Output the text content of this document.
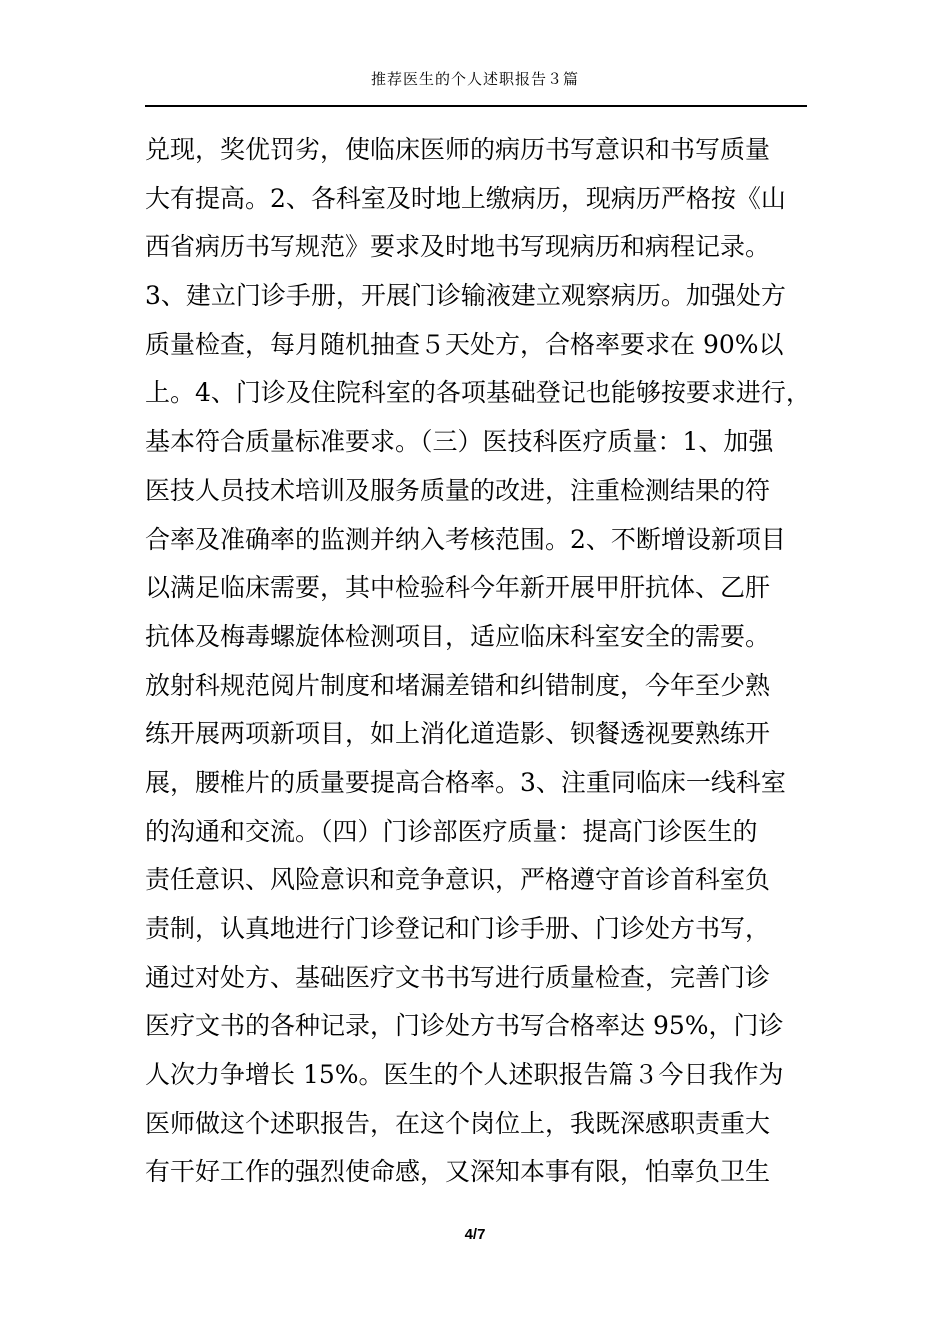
推荐医生的个人述职报告３篇
兑现，奖优罚劣，使临床医师的病历书写意识和书写质量
大有提高。2、各科室及时地上缴病历，现病历严格按《山
西省病历书写规范》要求及时地书写现病历和病程记录。
3、建立门诊手册，开展门诊输液建立观察病历。加强处方
质量检查，每月随机抽查５天处方，合格率要求在 90%以
上。4、门诊及住院科室的各项基础登记也能够按要求进行，
基本符合质量标准要求。（三）医技科医疗质量：1、加强
医技人员技术培训及服务质量的改进，注重检测结果的符
合率及准确率的监测并纳入考核范围。2、不断增设新项目
以满足临床需要，其中检验科今年新开展甲肝抗体、乙肝
抗体及梅毒螺旋体检测项目，适应临床科室安全的需要。
放射科规范阅片制度和堵漏差错和纠错制度，今年至少熟
练开展两项新项目，如上消化道造影、钡餐透视要熟练开
展，腰椎片的质量要提高合格率。3、注重同临床一线科室
的沟通和交流。（四）门诊部医疗质量：提高门诊医生的
责任意识、风险意识和竞争意识，严格遵守首诊首科室负
责制，认真地进行门诊登记和门诊手册、门诊处方书写，
通过对处方、基础医疗文书书写进行质量检查，完善门诊
医疗文书的各种记录，门诊处方书写合格率达 95%，门诊
人次力争增长 15%。医生的个人述职报告篇３今日我作为
医师做这个述职报告，在这个岗位上，我既深感职责重大
有干好工作的强烈使命感，又深知本事有限，怕辜负卫生
4/7
